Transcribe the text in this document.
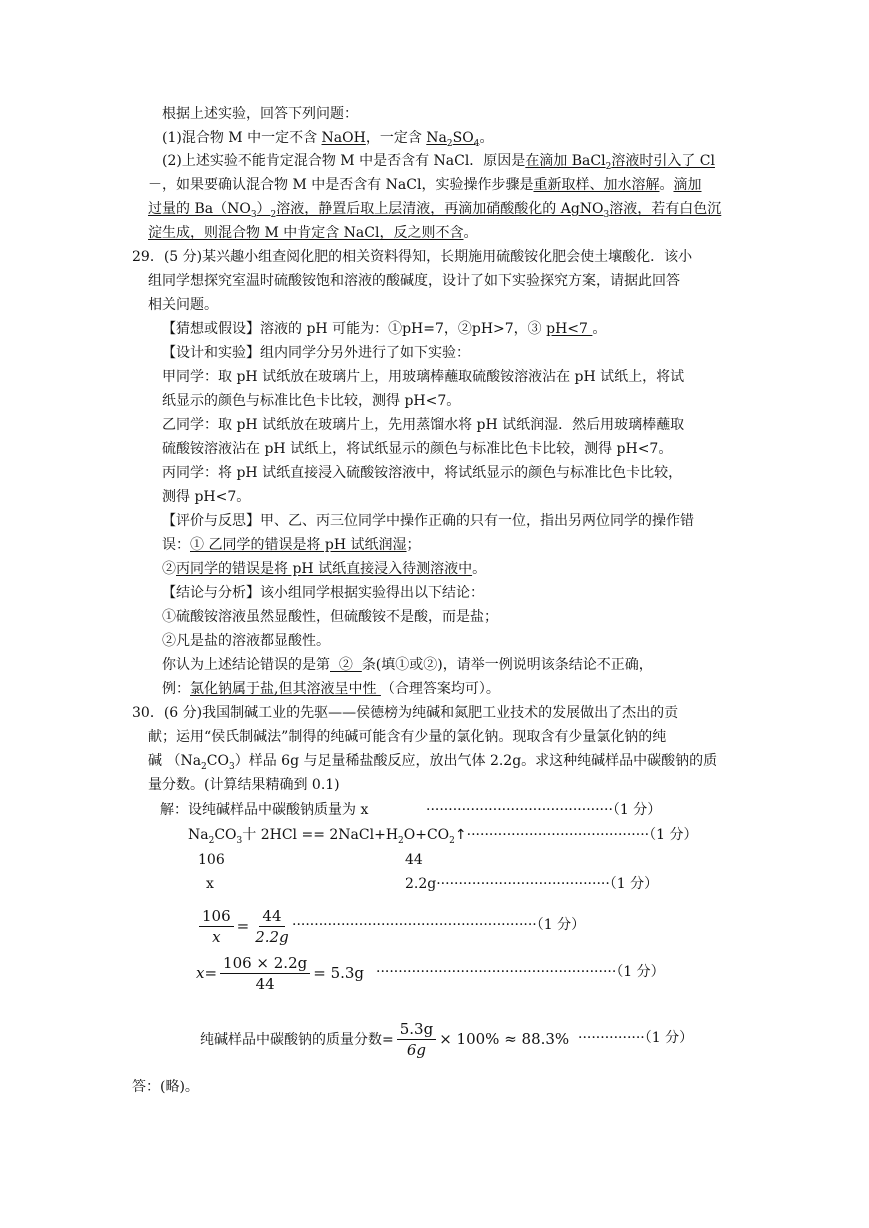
根据上述实验，回答下列问题：
(1)混合物 M 中一定不含 NaOH，一定含 $Na_2SO_4$。
(2)上述实验不能肯定混合物 M 中是否含有 NaCl．原因是在滴加 BaCl$_2$溶液时引入了 Cl
－，如果要确认混合物 M 中是否含有 NaCl，实验操作步骤是重新取样、加水溶解。滴加
过量的 $Ba(NO_3)_2$溶液，静置后取上层清液，再滴加硝酸酸化的 AgNO$_3$溶液，若有白色沉
淀生成，则混合物 M 中肯定含 NaCl，反之则不含。
29．(5 分)某兴趣小组查阅化肥的相关资料得知，长期施用硫酸铵化肥会使土壤酸化．该小
组同学想探究室温时硫酸铵饱和溶液的酸碱度，设计了如下实验探究方案，请据此回答
相关问题。
【猜想或假设】溶液的 pH 可能为：①pH=7，②pH>7，③ pH<7 。
【设计和实验】组内同学分另外进行了如下实验：
甲同学：取 pH 试纸放在玻璃片上，用玻璃棒蘸取硫酸铵溶液沾在 pH 试纸上，将试
纸显示的颜色与标准比色卡比较，测得 pH<7。
乙同学：取 pH 试纸放在玻璃片上，先用蒸馏水将 pH 试纸润湿．然后用玻璃棒蘸取
硫酸铵溶液沾在 pH 试纸上，将试纸显示的颜色与标准比色卡比较，测得 pH<7。
丙同学：将 pH 试纸直接浸入硫酸铵溶液中，将试纸显示的颜色与标准比色卡比较，
测得 pH<7。
【评价与反思】甲、乙、丙三位同学中操作正确的只有一位，指出另两位同学的操作错
误：① 乙同学的错误是将 pH 试纸润湿；
②丙同学的错误是将 pH 试纸直接浸入待测溶液中。
【结论与分析】该小组同学根据实验得出以下结论：
①硫酸铵溶液虽然显酸性，但硫酸铵不是酸，而是盐；
②凡是盐的溶液都显酸性。
你认为上述结论错误的是第  ②  条(填①或②)，请举一例说明该条结论不正确，
例：氯化钠属于盐,但其溶液呈中性 （合理答案均可）。
30．(6 分)我国制碱工业的先驱——侯德榜为纯碱和氮肥工业技术的发展做出了杰出的贡
献；运用“侯氏制碱法”制得的纯碱可能含有少量的氯化钠。现取含有少量氯化钠的纯
碱 $(Na_2CO_3)$样品 6g 与足量稀盐酸反应，放出气体 2.2g。求这种纯碱样品中碳酸钠的质
量分数。(计算结果精确到 0.1)
解：设纯碱样品中碳酸钠质量为 x	··········································（1 分）
$Na_2CO_3$十 $2HCl == 2NaCl+H_2O+CO_2↑\cdot\cdot\cdot\cdot\cdot\cdot\cdot\cdot\cdot\cdot\cdot\cdot\cdot\cdot\cdot\cdot\cdot\cdot\cdot\cdot\cdot\cdot\cdot\cdot\cdot\cdot\cdot\cdot\cdot\cdot\cdot\cdot\cdot\cdot\cdot\cdot\cdot\cdot\cdot\cdot\cdot(1$ 分）
106	44
x	2.2g·······································（1 分）
$\frac{106}{x} = \frac{44}{2.2g} \cdot\cdot\cdot\cdot\cdot\cdot\cdot\cdot\cdot\cdot\cdot\cdot\cdot\cdot\cdot\cdot\cdot\cdot\cdot\cdot\cdot\cdot\cdot\cdot\cdot\cdot\cdot\cdot\cdot\cdot\cdot\cdot\cdot\cdot\cdot\cdot\cdot\cdot\cdot\cdot\cdot\cdot\cdot\cdot\cdot\cdot\cdot\cdot\cdot\cdot\cdot\cdot\cdot\cdot\cdot(1$ 分）
$x= \frac{106 \times 2.2g}{44} = 5.3g \cdot\cdot\cdot\cdot\cdot\cdot\cdot\cdot\cdot\cdot\cdot\cdot\cdot\cdot\cdot\cdot\cdot\cdot\cdot\cdot\cdot\cdot\cdot\cdot\cdot\cdot\cdot\cdot\cdot\cdot\cdot\cdot\cdot\cdot\cdot\cdot\cdot\cdot\cdot\cdot\cdot\cdot\cdot\cdot\cdot\cdot\cdot\cdot\cdot\cdot\cdot\cdot\cdot\cdot(1$ 分）
纯碱样品中碳酸钠的质量分数= $\frac{5.3g}{6g} \times 100\% \approx 88.3\% \cdot\cdot\cdot\cdot\cdot\cdot\cdot\cdot\cdot\cdot\cdot\cdot\cdot\cdot\cdot(1$ 分）
答：(略)。
